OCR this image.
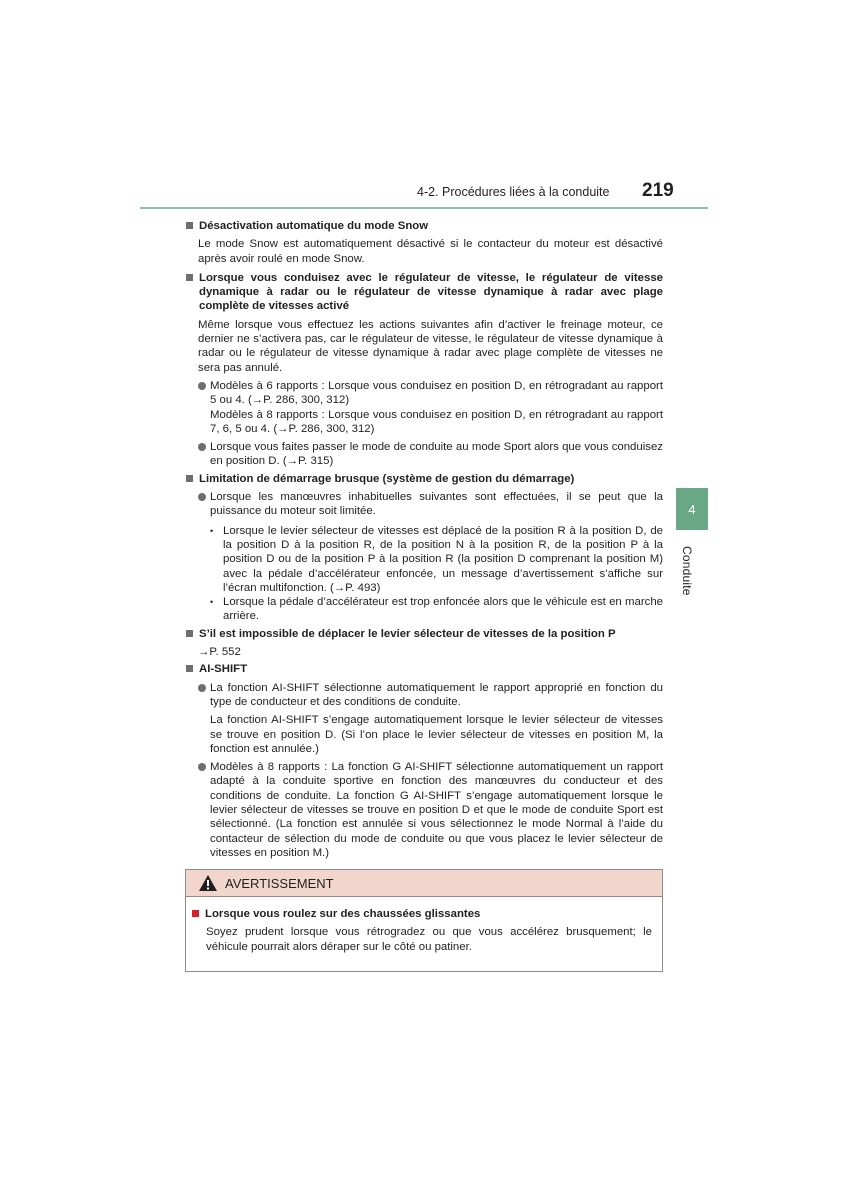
219
4-2. Procédures liées à la conduite
4
Conduite
Désactivation automatique du mode Snow
Le mode Snow est automatiquement désactivé si le contacteur du moteur est désactivé après avoir roulé en mode Snow.
Lorsque vous conduisez avec le régulateur de vitesse, le régulateur de vitesse dynamique à radar ou le régulateur de vitesse dynamique à radar avec plage complète de vitesses activé
Même lorsque vous effectuez les actions suivantes afin d’activer le freinage moteur, ce dernier ne s’activera pas, car le régulateur de vitesse, le régulateur de vitesse dynamique à radar ou le régulateur de vitesse dynamique à radar avec plage complète de vitesses ne sera pas annulé.
Modèles à 6 rapports : Lorsque vous conduisez en position D, en rétrogradant au rapport 5 ou 4. (→P. 286, 300, 312)
Modèles à 8 rapports : Lorsque vous conduisez en position D, en rétrogradant au rapport 7, 6, 5 ou 4. (→P. 286, 300, 312)
Lorsque vous faites passer le mode de conduite au mode Sport alors que vous conduisez en position D. (→P. 315)
Limitation de démarrage brusque (système de gestion du démarrage)
Lorsque les manœuvres inhabituelles suivantes sont effectuées, il se peut que la puissance du moteur soit limitée.
• Lorsque le levier sélecteur de vitesses est déplacé de la position R à la position D, de la position D à la position R, de la position N à la position R, de la position P à la position D ou de la position P à la position R (la position D comprenant la position M) avec la pédale d’accélérateur enfoncée, un message d’avertissement s’affiche sur l’écran multifonction. (→P. 493)
• Lorsque la pédale d’accélérateur est trop enfoncée alors que le véhicule est en marche arrière.
S’il est impossible de déplacer le levier sélecteur de vitesses de la position P
→P. 552
AI-SHIFT
La fonction AI-SHIFT sélectionne automatiquement le rapport approprié en fonction du type de conducteur et des conditions de conduite.
La fonction AI-SHIFT s’engage automatiquement lorsque le levier sélecteur de vitesses se trouve en position D. (Si l’on place le levier sélecteur de vitesses en position M, la fonction est annulée.)
Modèles à 8 rapports : La fonction G AI-SHIFT sélectionne automatiquement un rapport adapté à la conduite sportive en fonction des manœuvres du conducteur et des conditions de conduite. La fonction G AI-SHIFT s’engage automatiquement lorsque le levier sélecteur de vitesses se trouve en position D et que le mode de conduite Sport est sélectionné. (La fonction est annulée si vous sélectionnez le mode Normal à l’aide du contacteur de sélection du mode de conduite ou que vous placez le levier sélecteur de vitesses en position M.)
AVERTISSEMENT
Lorsque vous roulez sur des chaussées glissantes
Soyez prudent lorsque vous rétrogradez ou que vous accélérez brusquement; le véhicule pourrait alors déraper sur le côté ou patiner.
